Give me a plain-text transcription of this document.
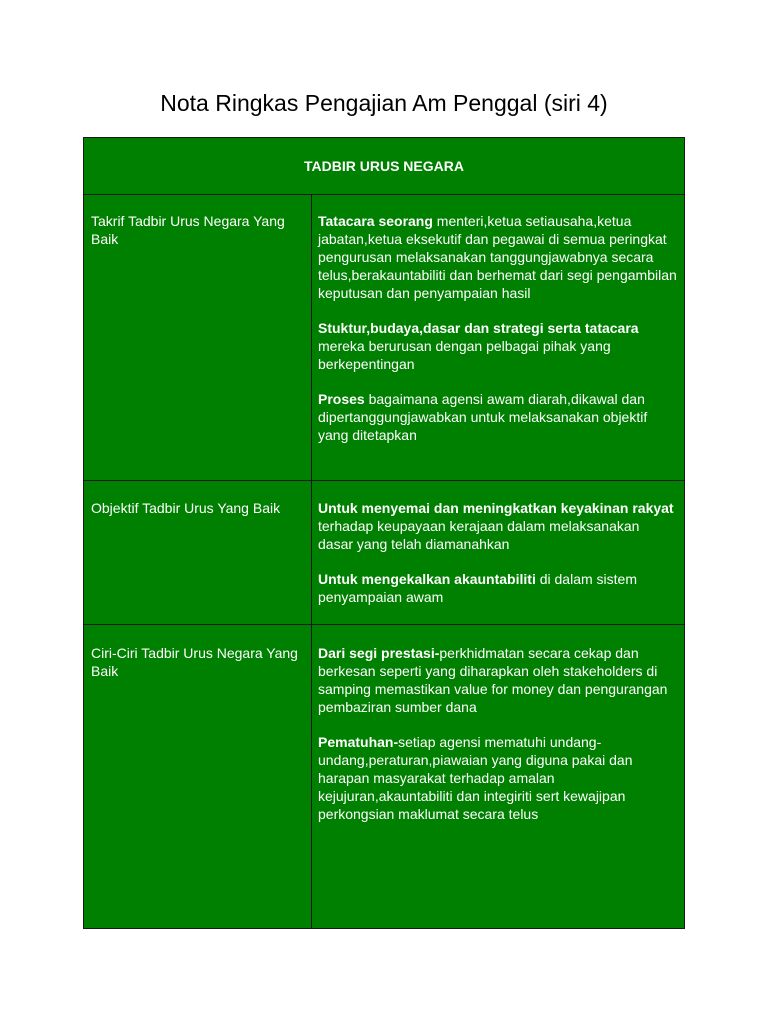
Nota Ringkas Pengajian Am Penggal (siri 4)
TADBIR URUS NEGARA
Takrif Tadbir Urus Negara Yang Baik

Tatacara seorang menteri,ketua setiausaha,ketua jabatan,ketua eksekutif dan pegawai di semua peringkat pengurusan melaksanakan tanggungjawabnya secara telus,berakauntabiliti dan berhemat dari segi pengambilan keputusan dan penyampaian hasil

Stuktur,budaya,dasar dan strategi serta tatacara mereka berurusan dengan pelbagai pihak yang berkepentingan

Proses bagaimana agensi awam diarah,dikawal dan dipertanggungjawabkan untuk melaksanakan objektif yang ditetapkan

Objektif Tadbir Urus Yang Baik	Untuk menyemai dan meningkatkan keyakinan rakyat terhadap keupayaan kerajaan dalam melaksanakan dasar yang telah diamanahkan

Untuk mengekalkan akauntabiliti di dalam sistem penyampaian awam

Ciri-Ciri Tadbir Urus Negara Yang Baik

Dari segi prestasi-perkhidmatan secara cekap dan berkesan seperti yang diharapkan oleh stakeholders di samping memastikan value for money dan pengurangan pembaziran sumber dana

Pematuhan-setiap agensi mematuhi undang-undang,peraturan,piawaian yang diguna pakai dan harapan masyarakat terhadap amalan kejujuran,akauntabiliti dan integiriti sert kewajipan perkongsian maklumat secara telus
